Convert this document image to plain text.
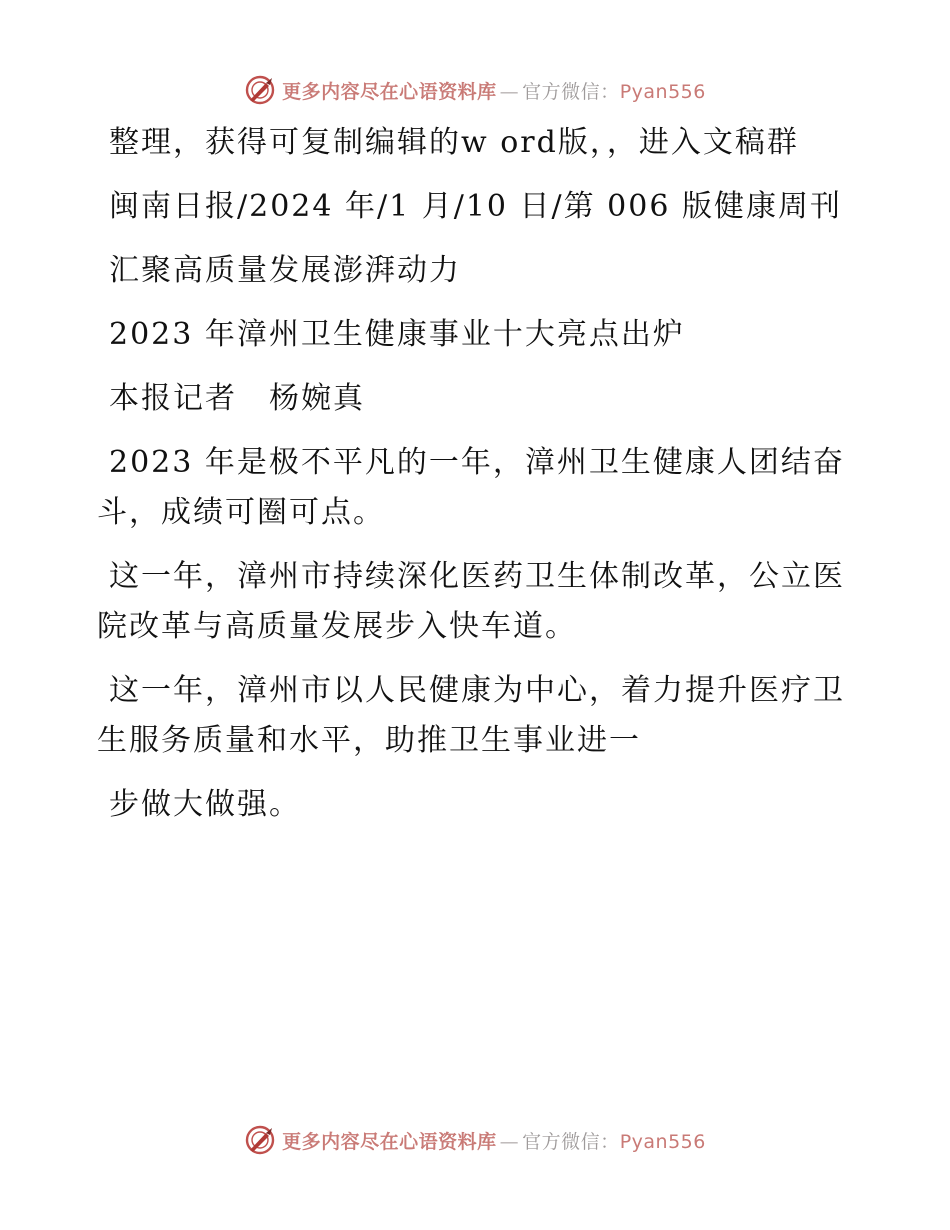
更多内容尽在心语资料库 — 官方微信：Pyan556

整理，获得可复制编辑的w ord版，，进入文稿群

闽南日报/2024 年/1 月/10 日/第 006 版健康周刊

汇聚高质量发展澎湃动力

2023 年漳州卫生健康事业十大亮点出炉

本报记者　杨婉真

2023 年是极不平凡的一年，漳州卫生健康人团结奋斗，成绩可圈可点。

这一年，漳州市持续深化医药卫生体制改革，公立医院改革与高质量发展步入快车道。

这一年，漳州市以人民健康为中心，着力提升医疗卫生服务质量和水平，助推卫生事业进一

步做大做强。

更多内容尽在心语资料库 — 官方微信：Pyan556
